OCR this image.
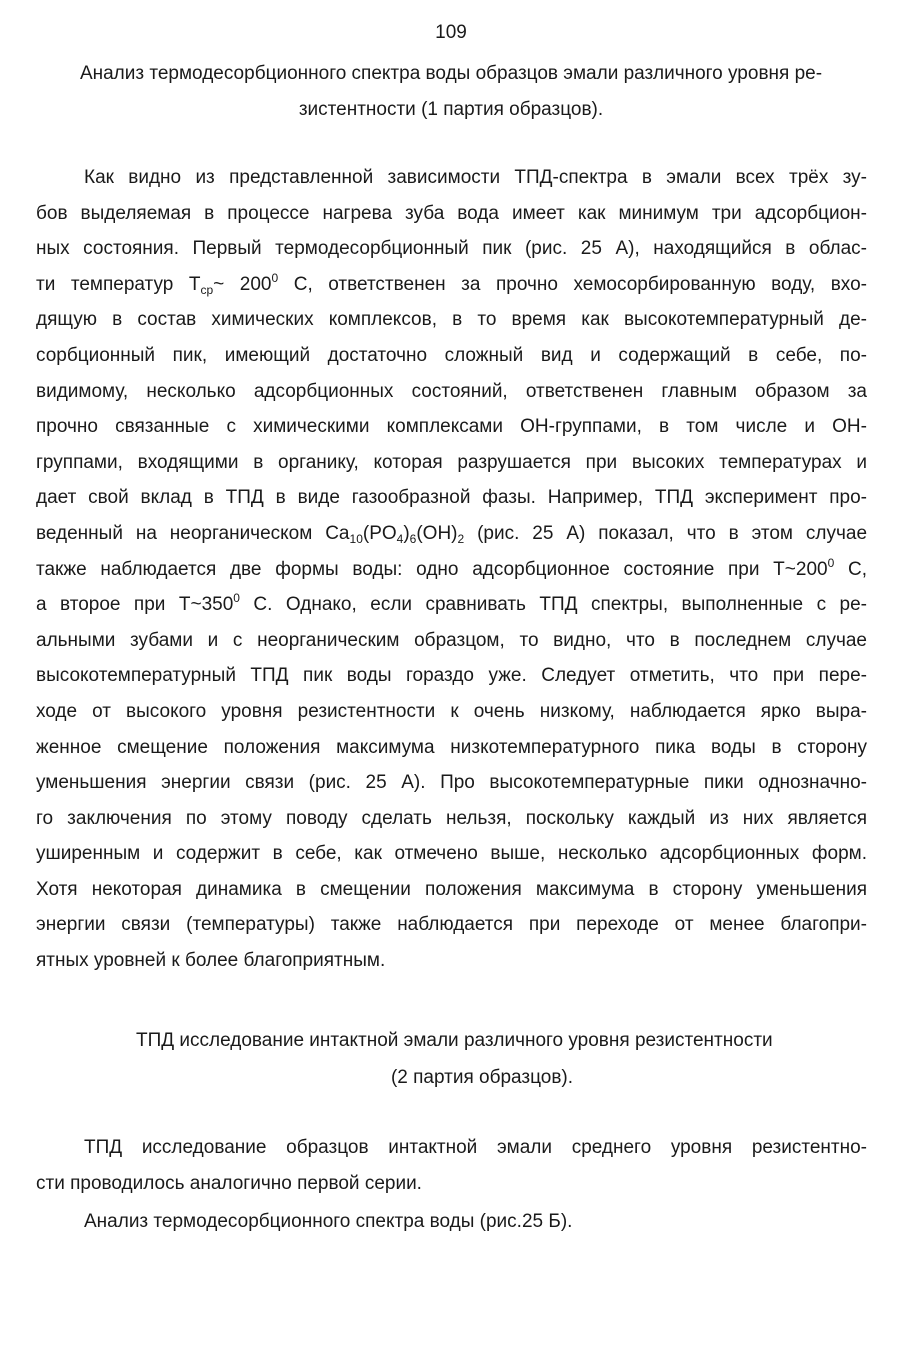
109
Анализ термодесорбционного спектра воды образцов эмали различного уровня ре-
зистентности (1 партия образцов).
Как видно из представленной зависимости ТПД-спектра в эмали всех трёх зу-
бов выделяемая в процессе нагрева зуба вода имеет как минимум три адсорбцион-
ных состояния. Первый термодесорбционный пик (рис. 25 А), находящийся в облас-
ти температур $Т_{ср}\sim$ $200^0$ С, ответственен за прочно хемосорбированную воду, вхо-
дящую в состав химических комплексов, в то время как высокотемпературный де-
сорбционный пик, имеющий достаточно сложный вид и содержащий в себе, по-
видимому, несколько адсорбционных состояний, ответственен главным образом за
прочно связанные с химическими комплексами ОН-группами, в том числе и ОН-
группами, входящими в органику, которая разрушается при высоких температурах и
дает свой вклад в ТПД в виде газообразной фазы. Например, ТПД эксперимент про-
веденный на неорганическом $Ca_{10}(PO_4)_6(OH)_2$ (рис. 25 А) показал, что в этом случае
также наблюдается две формы воды: одно адсорбционное состояние при $Т\sim 200^0$ С,
а второе при $Т\sim 350^0$ С. Однако, если сравнивать ТПД спектры, выполненные с ре-
альными зубами и с неорганическим образцом, то видно, что в последнем случае
высокотемпературный ТПД пик воды гораздо уже. Следует отметить, что при пере-
ходе от высокого уровня резистентности к очень низкому, наблюдается ярко выра-
женное смещение положения максимума низкотемпературного пика воды в сторону
уменьшения энергии связи (рис. 25 А). Про высокотемпературные пики однозначно-
го заключения по этому поводу сделать нельзя, поскольку каждый из них является
уширенным и содержит в себе, как отмечено выше, несколько адсорбционных форм.
Хотя некоторая динамика в смещении положения максимума в сторону уменьшения
энергии связи (температуры) также наблюдается при переходе от менее благопри-
ятных уровней к более благоприятным.
ТПД исследование интактной эмали различного уровня резистентности
(2 партия образцов).
ТПД исследование образцов интактной эмали среднего уровня резистентно-
сти проводилось аналогично первой серии.
Анализ термодесорбционного спектра воды (рис.25 Б).
